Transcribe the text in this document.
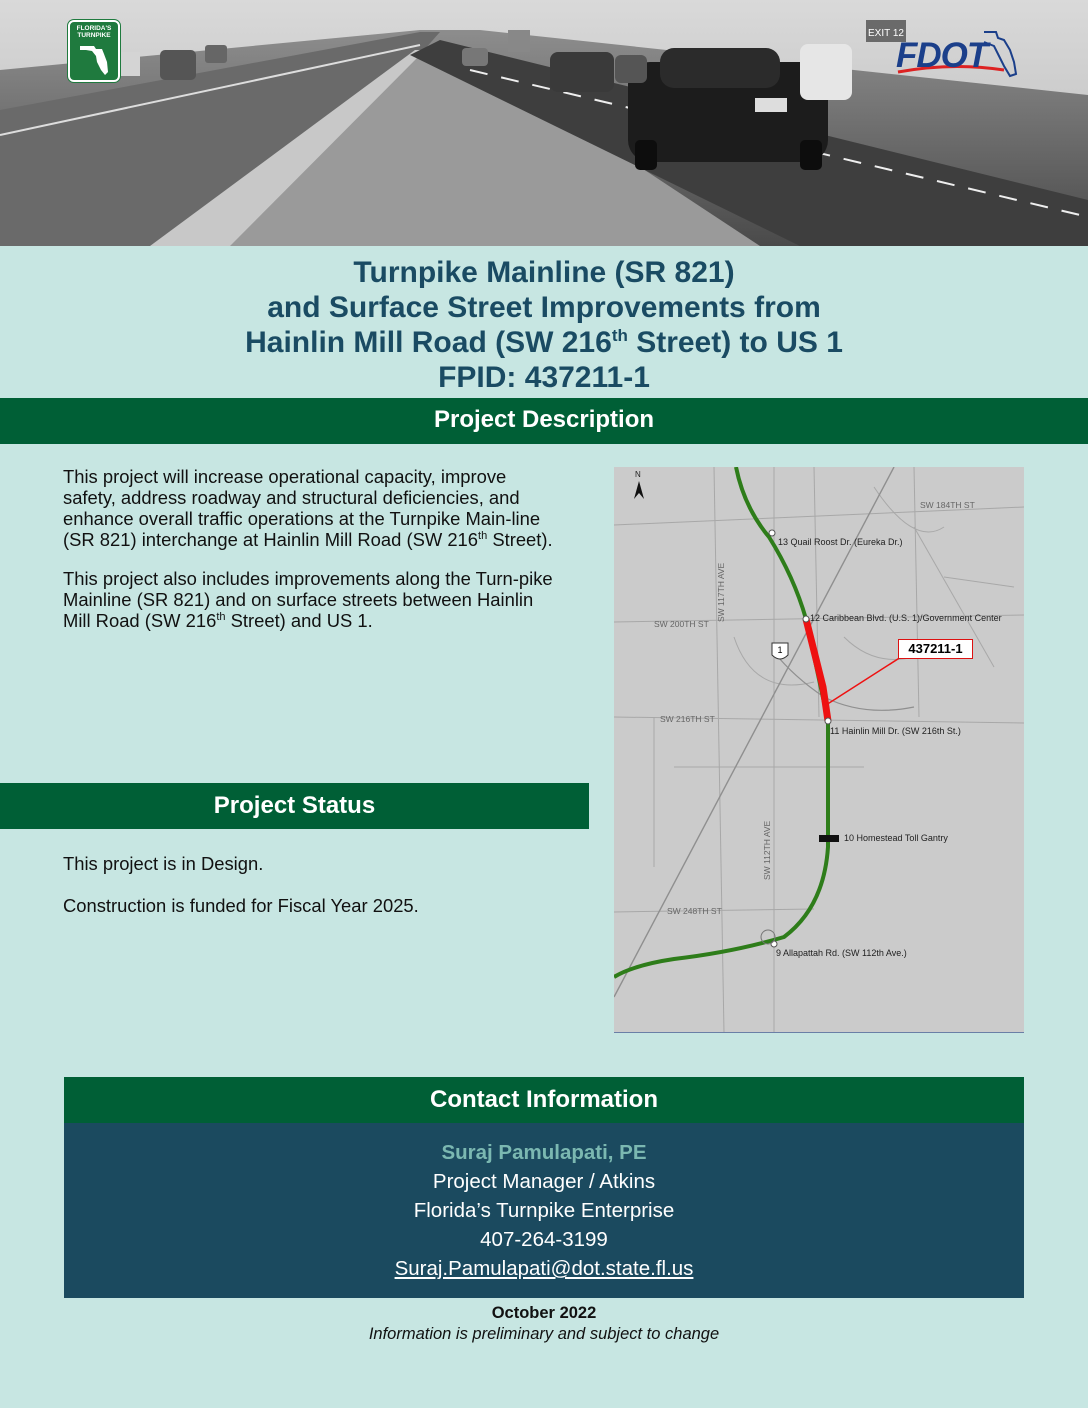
EXIT 12
FLORIDA'S TURNPIKE
FDOT
Turnpike Mainline (SR 821)
and Surface Street Improvements from
Hainlin Mill Road (SW 216th Street) to US 1
FPID: 437211-1
Project Description

This project will increase operational capacity, improve safety, address roadway and structural deficiencies, and enhance overall traffic operations at the Turnpike Main-line (SR 821) interchange at Hainlin Mill Road (SW 216th Street).

This project also includes improvements along the Turn-pike Mainline (SR 821) and on surface streets between Hainlin Mill Road (SW 216th Street) and US 1.

Project Status

This project is in Design.

Construction is funded for Fiscal Year 2025.

1
N
SW 184TH ST
SW 200TH ST
SW 216TH ST
SW 248TH ST
SW 117TH AVE
SW 112TH AVE
13 Quail Roost Dr. (Eureka Dr.)
12 Caribbean Blvd. (U.S. 1)/Government Center
11 Hainlin Mill Dr. (SW 216th St.)
10 Homestead Toll Gantry
9 Allapattah Rd. (SW 112th Ave.)
437211-1
Contact Information
Suraj Pamulapati, PE
Project Manager / Atkins
Florida’s Turnpike Enterprise
407-264-3199
Suraj.Pamulapati@dot.state.fl.us
October 2022
Information is preliminary and subject to change
